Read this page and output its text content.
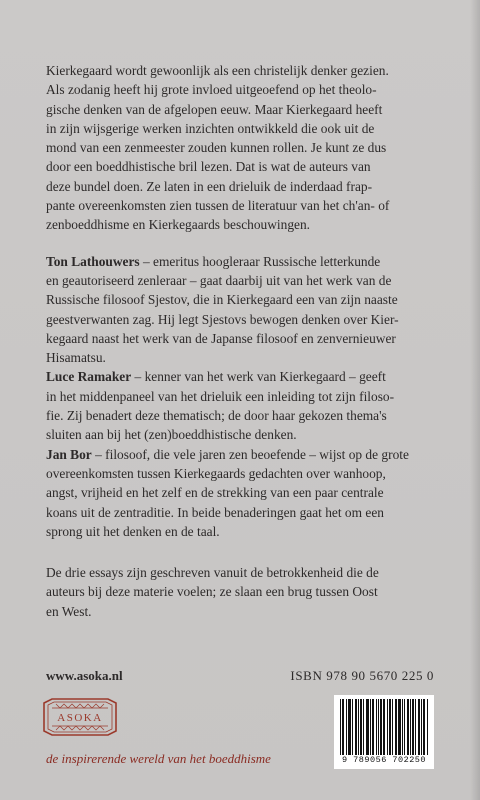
Kierkegaard wordt gewoonlijk als een christelijk denker gezien.
Als zodanig heeft hij grote invloed uitgeoefend op het theolo-
gische denken van de afgelopen eeuw. Maar Kierkegaard heeft
in zijn wijsgerige werken inzichten ontwikkeld die ook uit de
mond van een zenmeester zouden kunnen rollen. Je kunt ze dus
door een boeddhistische bril lezen. Dat is wat de auteurs van
deze bundel doen. Ze laten in een drieluik de inderdaad frap-
pante overeenkomsten zien tussen de literatuur van het ch'an- of
zenboeddhisme en Kierkegaards beschouwingen.

Ton Lathouwers – emeritus hoogleraar Russische letterkunde
en geautoriseerd zenleraar – gaat daarbij uit van het werk van de
Russische filosoof Sjestov, die in Kierkegaard een van zijn naaste
geestverwanten zag. Hij legt Sjestovs bewogen denken over Kier-
kegaard naast het werk van de Japanse filosoof en zenvernieuwer
Hisamatsu.

Luce Ramaker – kenner van het werk van Kierkegaard – geeft
in het middenpaneel van het drieluik een inleiding tot zijn filoso-
fie. Zij benadert deze thematisch; de door haar gekozen thema's
sluiten aan bij het (zen)boeddhistische denken.

Jan Bor – filosoof, die vele jaren zen beoefende – wijst op de grote
overeenkomsten tussen Kierkegaards gedachten over wanhoop,
angst, vrijheid en het zelf en de strekking van een paar centrale
koans uit de zentraditie. In beide benaderingen gaat het om een
sprong uit het denken en de taal.

De drie essays zijn geschreven vanuit de betrokkenheid die de
auteurs bij deze materie voelen; ze slaan een brug tussen Oost
en West.

www.asoka.nl	ISBN 978 90 5670 225 0
ASOKA
9 789056 702250
de inspirerende wereld van het boeddhisme
